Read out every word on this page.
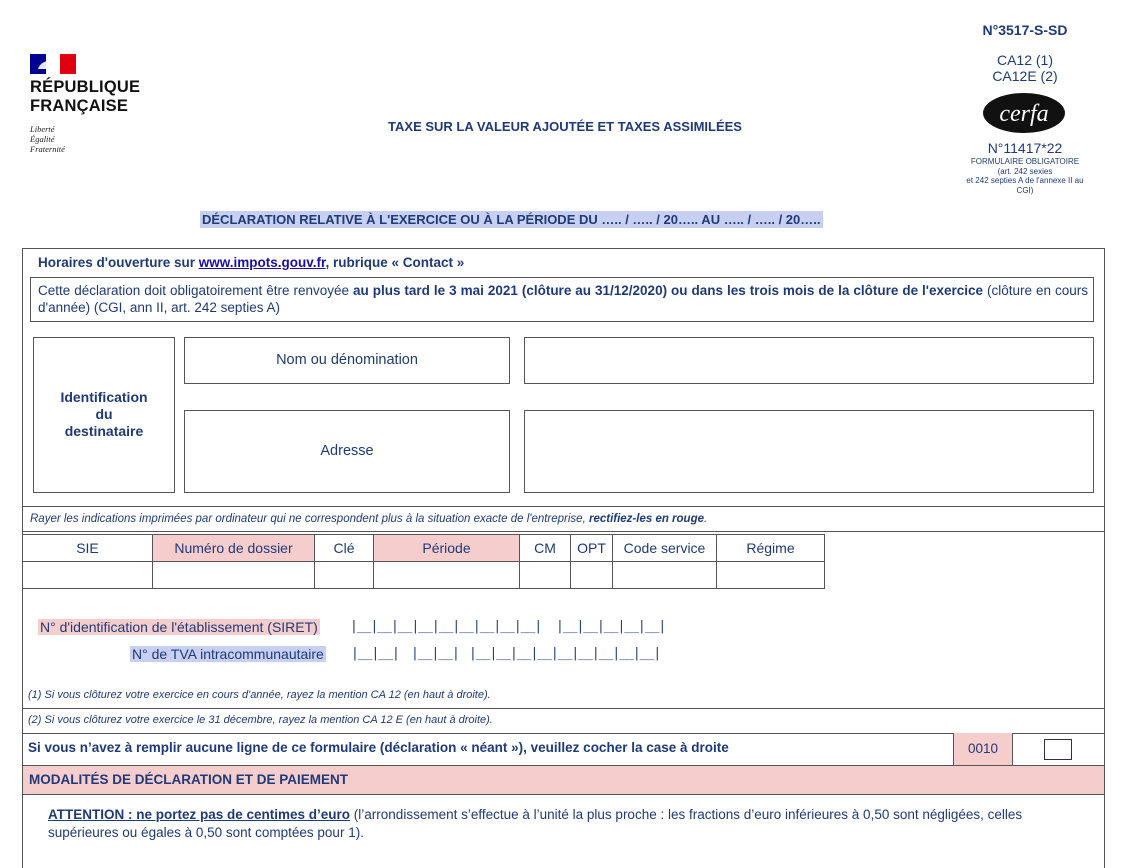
RÉPUBLIQUE
FRANÇAISE
Liberté
Égalité
Fraternité
TAXE SUR LA VALEUR AJOUTÉE ET TAXES ASSIMILÉES
N°3517-S-SD
CA12 (1)
CA12E (2)
cerfa
N°11417*22
FORMULAIRE OBLIGATOIRE
(art. 242 sexies
et 242 septies A de l'annexe II au
CGI)
DÉCLARATION RELATIVE À L'EXERCICE OU À LA PÉRIODE DU ….. / ….. / 20….. AU ….. / ….. / 20…..
Horaires d'ouverture sur www.impots.gouv.fr, rubrique « Contact »
Cette déclaration doit obligatoirement être renvoyée au plus tard le 3 mai 2021 (clôture au 31/12/2020) ou dans les trois mois de la clôture de l'exercice (clôture en cours d'année) (CGI, ann II, art. 242 septies A)
Identification
du
destinataire
Nom ou dénomination
Adresse
Rayer les indications imprimées par ordinateur qui ne correspondent plus à la situation exacte de l'entreprise, rectifiez-les en rouge.
SIE	Numéro de dossier	Clé	Période	CM	OPT	Code service	Régime

N° d'identification de l'établissement (SIRET) |__|__|__|__|__|__|__|__|__| |__|__|__|__|__|
N° de TVA intracommunautaire |__|__| |__|__| |__|__|__|__|__|__|__|__|__|
(1) Si vous clôturez votre exercice en cours d'année, rayez la mention CA 12 (en haut à droite).
(2) Si vous clôturez votre exercice le 31 décembre, rayez la mention CA 12 E (en haut à droite).
Si vous n’avez à remplir aucune ligne de ce formulaire (déclaration « néant »), veuillez cocher la case à droite	0010
MODALITÉS DE DÉCLARATION ET DE PAIEMENT
ATTENTION : ne portez pas de centimes d’euro (l’arrondissement s’effectue à l’unité la plus proche : les fractions d’euro inférieures à 0,50 sont négligées, celles supérieures ou égales à 0,50 sont comptées pour 1).
